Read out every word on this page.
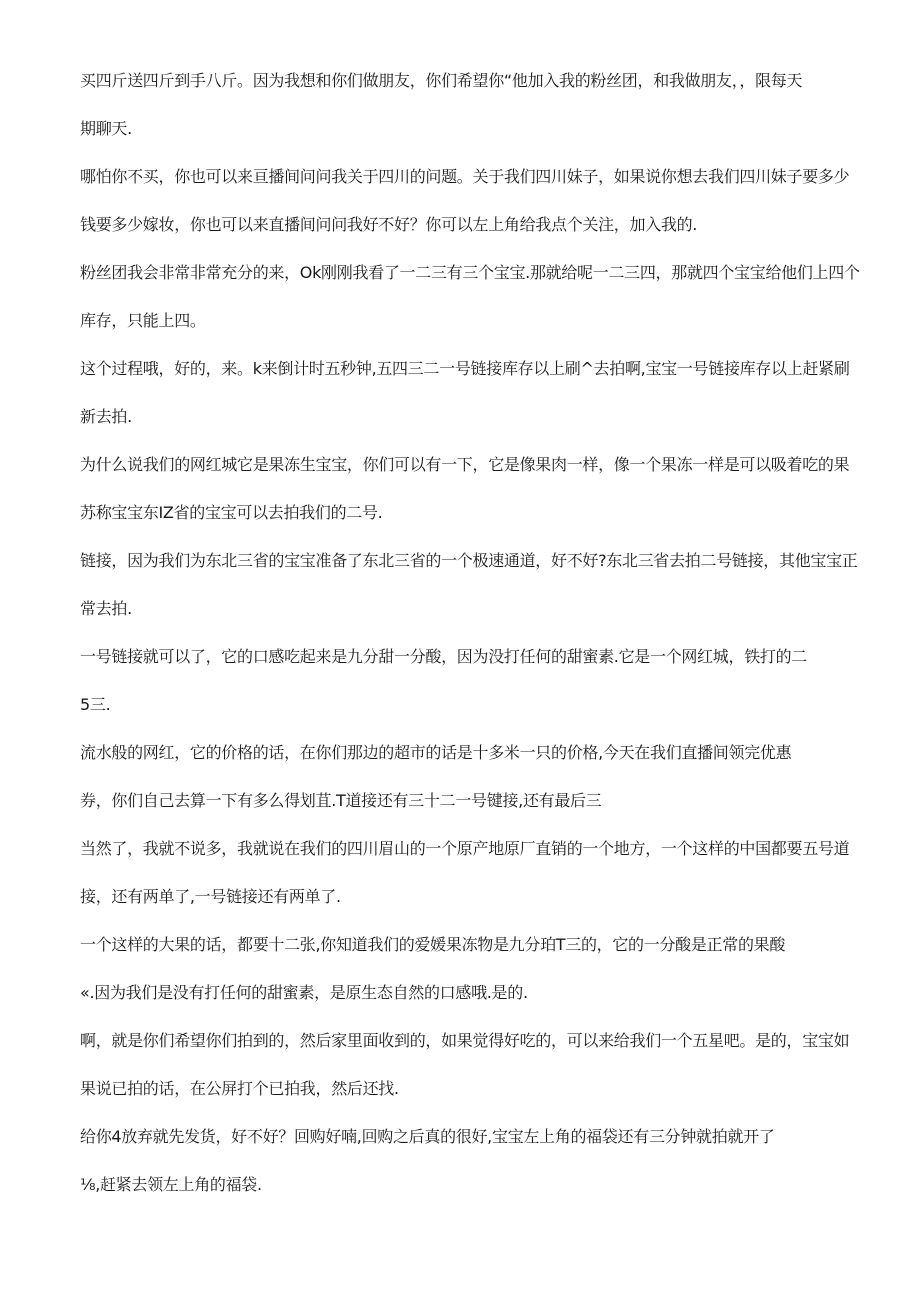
买四斤送四斤到手八斤。因为我想和你们做朋友，你们希望你“他加入我的粉丝团，和我做朋友，，限每天

期聊天.

哪怕你不买，你也可以来亘播间问问我关于四川的问题。关于我们四川妹子，如果说你想去我们四川妹子要多少

钱要多少嫁妆，你也可以来直播间问问我好不好？你可以左上角给我点个关注，加入我的.

粉丝团我会非常非常充分的来，Ok刚刚我看了一二三有三个宝宝.那就给呢一二三四，那就四个宝宝给他们上四个

库存，只能上四。

这个过程哦，好的，来。k来倒计时五秒钟,五四三二一号链接库存以上刷^去拍啊,宝宝一号链接库存以上赶紧刷

新去拍.

为什么说我们的网红城它是果冻生宝宝，你们可以有一下，它是像果肉一样，像一个果冻一样是可以吸着吃的果

苏称宝宝东IZ省的宝宝可以去拍我们的二号.

链接，因为我们为东北三省的宝宝准备了东北三省的一个极速通道，好不好?东北三省去拍二号链接，其他宝宝正

常去拍.

一号链接就可以了，它的口感吃起来是九分甜一分酸，因为没打任何的甜蜜素.它是一个网红城，铁打的二

5三.

流水般的网红，它的价格的话，在你们那边的超市的话是十多米一只的价格,今天在我们直播间领完优惠

券，你们自己去算一下有多么得划苴.T道接还有三十二一号键接,还有最后三

当然了，我就不说多，我就说在我们的四川眉山的一个原产地原厂直销的一个地方，一个这样的中国都要五号道

接，还有两单了,一号链接还有两单了.

一个这样的大果的话，都要十二张,你知道我们的爱媛果冻物是九分珀T三的，它的一分酸是正常的果酸

«.因为我们是没有打任何的甜蜜素，是原生态自然的口感哦.是的.

啊，就是你们希望你们拍到的，然后家里面收到的，如果觉得好吃的，可以来给我们一个五星吧。是的，宝宝如

果说已拍的话，在公屏打个已拍我，然后还找.

给你4放弃就先发货，好不好？回购好喃,回购之后真的很好,宝宝左上角的福袋还有三分钟就拍就开了

⅛,赶紧去领左上角的福袋.
